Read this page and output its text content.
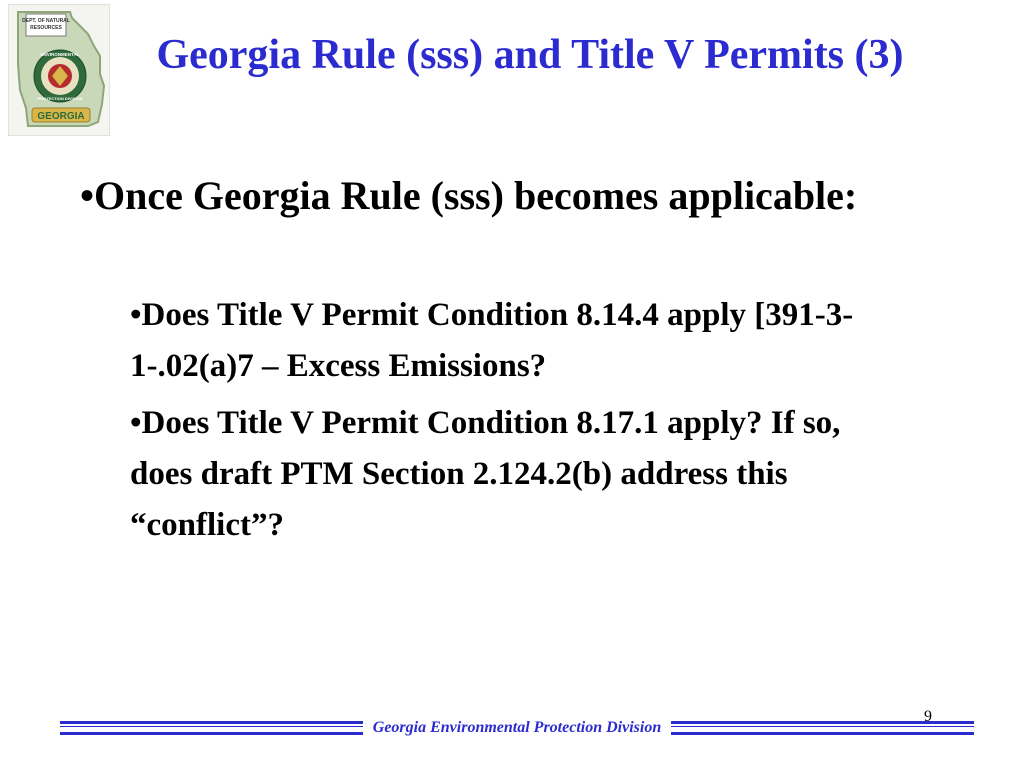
DEPT. OF NATURAL
RESOURCES
ENVIRONMENTAL
PROTECTION DIVISION
GEORGIA
Georgia Rule (sss) and Title V Permits (3)

•Once Georgia Rule (sss) becomes applicable:

•Does Title V Permit Condition 8.14.4 apply [391-3-1-.02(a)7 – Excess Emissions?
•Does Title V Permit Condition 8.17.1 apply? If so, does draft PTM Section 2.124.2(b) address this “conflict”?
Georgia Environmental Protection Division
9
